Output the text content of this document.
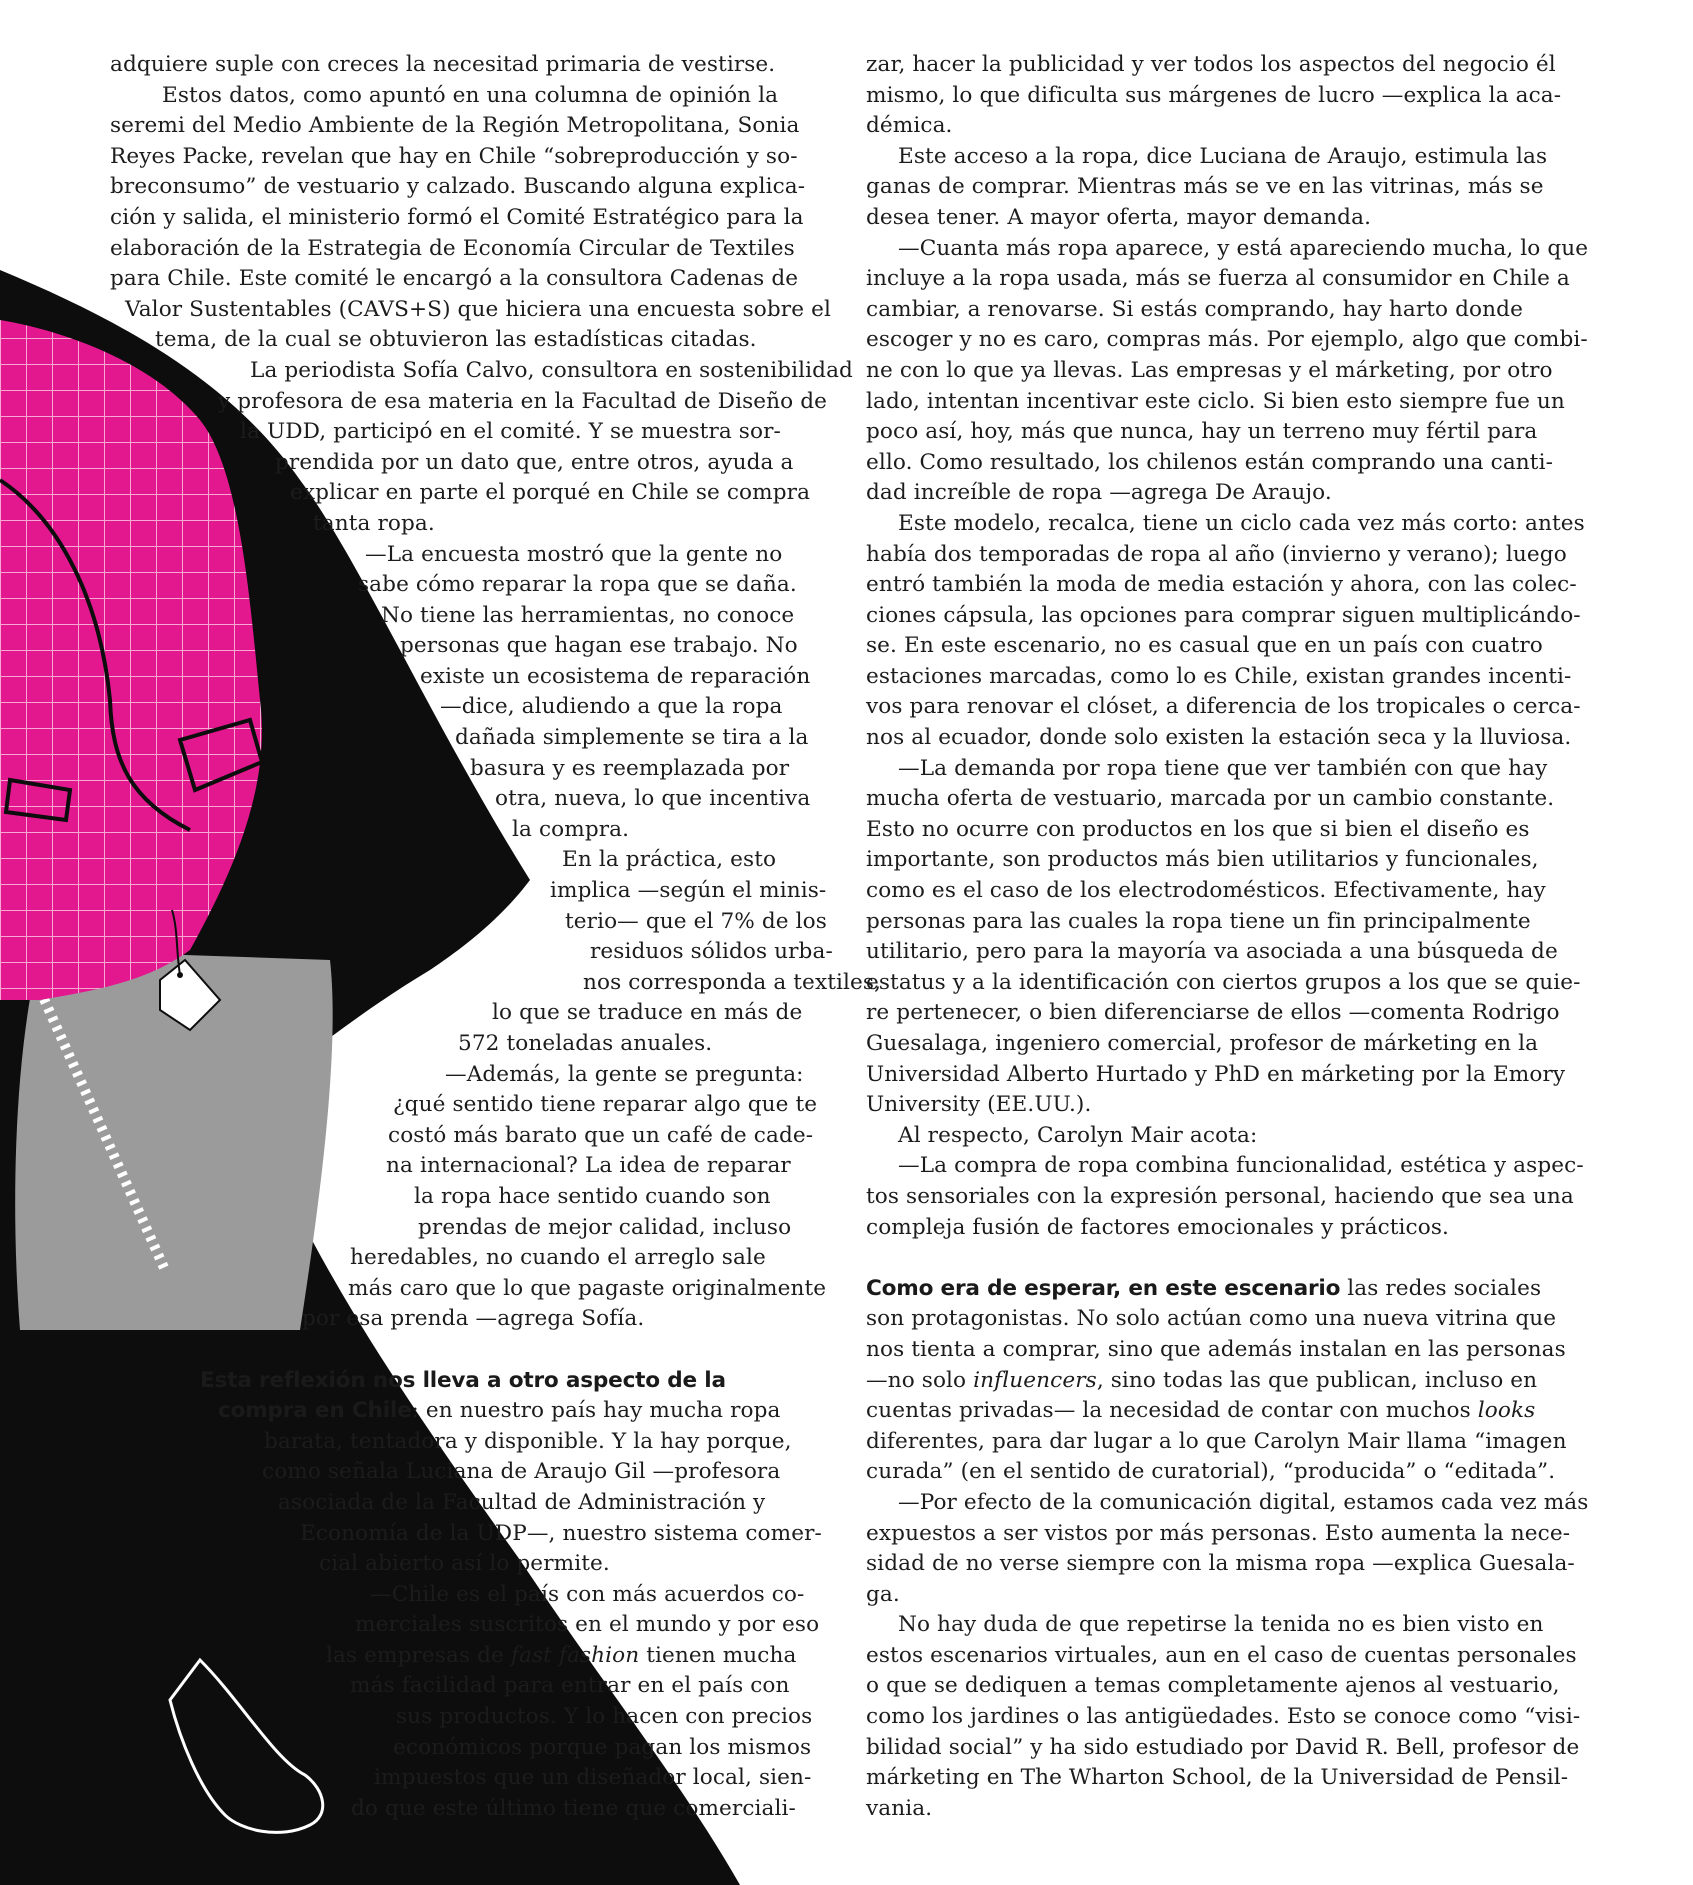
adquiere suple con creces la necesitad primaria de vestirse.
Estos datos, como apuntó en una columna de opinión la
seremi del Medio Ambiente de la Región Metropolitana, Sonia
Reyes Packe, revelan que hay en Chile “sobreproducción y so-
breconsumo” de vestuario y calzado. Buscando alguna explica-
ción y salida, el ministerio formó el Comité Estratégico para la
elaboración de la Estrategia de Economía Circular de Textiles
para Chile. Este comité le encargó a la consultora Cadenas de
Valor Sustentables (CAVS+S) que hiciera una encuesta sobre el
tema, de la cual se obtuvieron las estadísticas citadas.
La periodista Sofía Calvo, consultora en sostenibilidad
y profesora de esa materia en la Facultad de Diseño de
la UDD, participó en el comité. Y se muestra sor-
prendida por un dato que, entre otros, ayuda a
explicar en parte el porqué en Chile se compra
tanta ropa.
—La encuesta mostró que la gente no
sabe cómo reparar la ropa que se daña.
No tiene las herramientas, no conoce
personas que hagan ese trabajo. No
existe un ecosistema de reparación
—dice, aludiendo a que la ropa
dañada simplemente se tira a la
basura y es reemplazada por
otra, nueva, lo que incentiva
la compra.
En la práctica, esto
implica —según el minis-
terio— que el 7% de los
residuos sólidos urba-
nos corresponda a textiles,
lo que se traduce en más de
572 toneladas anuales.
—Además, la gente se pregunta:
¿qué sentido tiene reparar algo que te
costó más barato que un café de cade-
na internacional? La idea de reparar
la ropa hace sentido cuando son
prendas de mejor calidad, incluso
heredables, no cuando el arreglo sale
más caro que lo que pagaste originalmente
por esa prenda —agrega Sofía.
Esta reflexión nos lleva a otro aspecto de la
compra en Chile: en nuestro país hay mucha ropa
barata, tentadora y disponible. Y la hay porque,
como señala Luciana de Araujo Gil —profesora
asociada de la Facultad de Administración y
Economía de la UDP—, nuestro sistema comer-
cial abierto así lo permite.
—Chile es el país con más acuerdos co-
merciales suscritos en el mundo y por eso
las empresas de fast fashion tienen mucha
más facilidad para entrar en el país con
sus productos. Y lo hacen con precios
económicos porque pagan los mismos
impuestos que un diseñador local, sien-
do que este último tiene que comerciali-
zar, hacer la publicidad y ver todos los aspectos del negocio él
mismo, lo que dificulta sus márgenes de lucro —explica la aca-
démica.
Este acceso a la ropa, dice Luciana de Araujo, estimula las
ganas de comprar. Mientras más se ve en las vitrinas, más se
desea tener. A mayor oferta, mayor demanda.
—Cuanta más ropa aparece, y está apareciendo mucha, lo que
incluye a la ropa usada, más se fuerza al consumidor en Chile a
cambiar, a renovarse. Si estás comprando, hay harto donde
escoger y no es caro, compras más. Por ejemplo, algo que combi-
ne con lo que ya llevas. Las empresas y el márketing, por otro
lado, intentan incentivar este ciclo. Si bien esto siempre fue un
poco así, hoy, más que nunca, hay un terreno muy fértil para
ello. Como resultado, los chilenos están comprando una canti-
dad increíble de ropa —agrega De Araujo.
Este modelo, recalca, tiene un ciclo cada vez más corto: antes
había dos temporadas de ropa al año (invierno y verano); luego
entró también la moda de media estación y ahora, con las colec-
ciones cápsula, las opciones para comprar siguen multiplicándo-
se. En este escenario, no es casual que en un país con cuatro
estaciones marcadas, como lo es Chile, existan grandes incenti-
vos para renovar el clóset, a diferencia de los tropicales o cerca-
nos al ecuador, donde solo existen la estación seca y la lluviosa.
—La demanda por ropa tiene que ver también con que hay
mucha oferta de vestuario, marcada por un cambio constante.
Esto no ocurre con productos en los que si bien el diseño es
importante, son productos más bien utilitarios y funcionales,
como es el caso de los electrodomésticos. Efectivamente, hay
personas para las cuales la ropa tiene un fin principalmente
utilitario, pero para la mayoría va asociada a una búsqueda de
estatus y a la identificación con ciertos grupos a los que se quie-
re pertenecer, o bien diferenciarse de ellos —comenta Rodrigo
Guesalaga, ingeniero comercial, profesor de márketing en la
Universidad Alberto Hurtado y PhD en márketing por la Emory
University (EE.UU.).
Al respecto, Carolyn Mair acota:
—La compra de ropa combina funcionalidad, estética y aspec-
tos sensoriales con la expresión personal, haciendo que sea una
compleja fusión de factores emocionales y prácticos.
Como era de esperar, en este escenario las redes sociales
son protagonistas. No solo actúan como una nueva vitrina que
nos tienta a comprar, sino que además instalan en las personas
—no solo influencers, sino todas las que publican, incluso en
cuentas privadas— la necesidad de contar con muchos looks
diferentes, para dar lugar a lo que Carolyn Mair llama “imagen
curada” (en el sentido de curatorial), “producida” o “editada”.
—Por efecto de la comunicación digital, estamos cada vez más
expuestos a ser vistos por más personas. Esto aumenta la nece-
sidad de no verse siempre con la misma ropa —explica Guesala-
ga.
No hay duda de que repetirse la tenida no es bien visto en
estos escenarios virtuales, aun en el caso de cuentas personales
o que se dediquen a temas completamente ajenos al vestuario,
como los jardines o las antigüedades. Esto se conoce como “visi-
bilidad social” y ha sido estudiado por David R. Bell, profesor de
márketing en The Wharton School, de la Universidad de Pensil-
vania.
